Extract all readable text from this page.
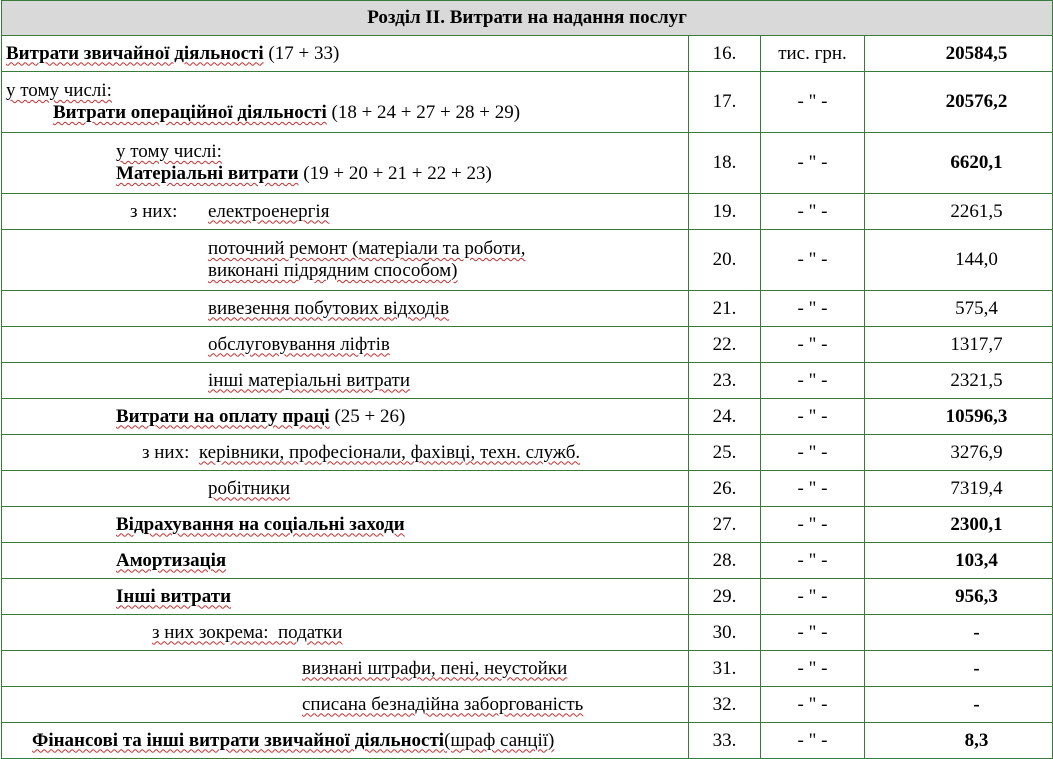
Розділ II. Витрати на надання послуг			

Витрати звичайної діяльності (17 + 33)	16.	тис. грн.	20584,5

у тому числі:
Витрати операційної діяльності (18 + 24 + 27 + 28 + 29)	17.	- " -	20576,2

у тому числі:
Матеріальні витрати (19 + 20 + 21 + 22 + 23)	18.	- " -	6620,1

з них: електроенергія	19.	- " -	2261,5

поточний ремонт (матеріали та роботи,
виконані підрядним способом)	20.	- " -	144,0

вивезення побутових відходів	21.	- " -	575,4

обслуговування ліфтів	22.	- " -	1317,7

інші матеріальні витрати	23.	- " -	2321,5

Витрати на оплату праці (25 + 26)	24.	- " -	10596,3

з них:  керівники, професіонали, фахівці, техн. служб.	25.	- " -	3276,9

робітники	26.	- " -	7319,4

Відрахування на соціальні заходи	27.	- " -	2300,1

Амортизація	28.	- " -	103,4

Інші витрати	29.	- " -	956,3

з них зокрема:  податки	30.	- " -	-

визнані штрафи, пені, неустойки	31.	- " -	-

списана безнадійна заборгованість	32.	- " -	-

Фінансові та інші витрати звичайної діяльності(шраф санції)	33.	- " -	8,3
